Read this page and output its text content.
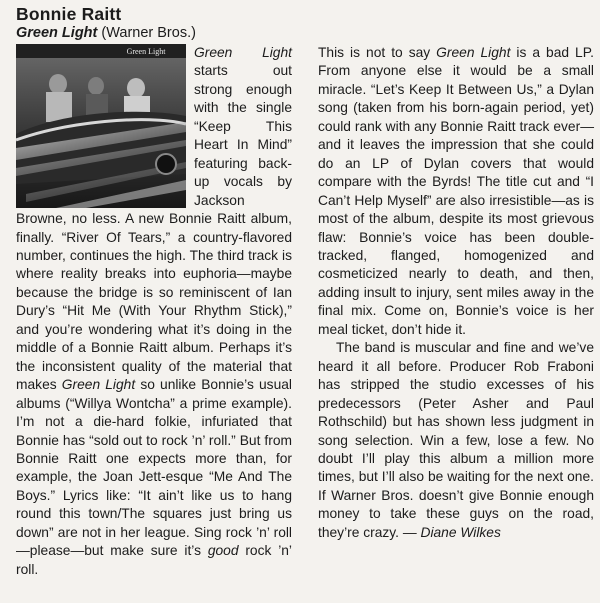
Bonnie Raitt
Green Light (Warner Bros.)
Green Light	Green Light starts out strong enough with the single “Keep This Heart In Mind” featuring back-up vocals by Jackson Browne, no less. A new Bonnie Raitt album, finally. “River Of Tears,” a country-flavored number, continues the high. The third track is where reality breaks into euphoria—maybe because the bridge is so reminiscent of Ian Dury’s “Hit Me (With Your Rhythm Stick),” and you’re wondering what it’s doing in the middle of a Bonnie Raitt album. Perhaps it’s the inconsistent quality of the material that makes Green Light so unlike Bonnie’s usual albums (“Willya Wontcha” a prime example). I’m not a die-hard folkie, infuriated that Bonnie has “sold out to rock ’n’ roll.” But from Bonnie Raitt one expects more than, for example, the Joan Jett-esque “Me And The Boys.” Lyrics like: “It ain’t like us to hang round this town/The squares just bring us down” are not in her league. Sing rock ’n’ roll—please—but make sure it’s good rock ’n’ roll.

This is not to say Green Light is a bad LP. From anyone else it would be a small miracle. “Let’s Keep It Between Us,” a Dylan song (taken from his born-again period, yet) could rank with any Bonnie Raitt track ever—and it leaves the impression that she could do an LP of Dylan covers that would compare with the Byrds! The title cut and “I Can’t Help Myself” are also irresistible—as is most of the album, despite its most grievous flaw: Bonnie’s voice has been double-tracked, flanged, homogenized and cosmeticized nearly to death, and then, adding insult to injury, sent miles away in the final mix. Come on, Bonnie’s voice is her meal ticket, don’t hide it.

The band is muscular and fine and we’ve heard it all before. Producer Rob Fraboni has stripped the studio excesses of his predecessors (Peter Asher and Paul Rothschild) but has shown less judgment in song selection. Win a few, lose a few. No doubt I’ll play this album a million more times, but I’ll also be waiting for the next one. If Warner Bros. doesn’t give Bonnie enough money to take these guys on the road, they’re crazy. — Diane Wilkes
